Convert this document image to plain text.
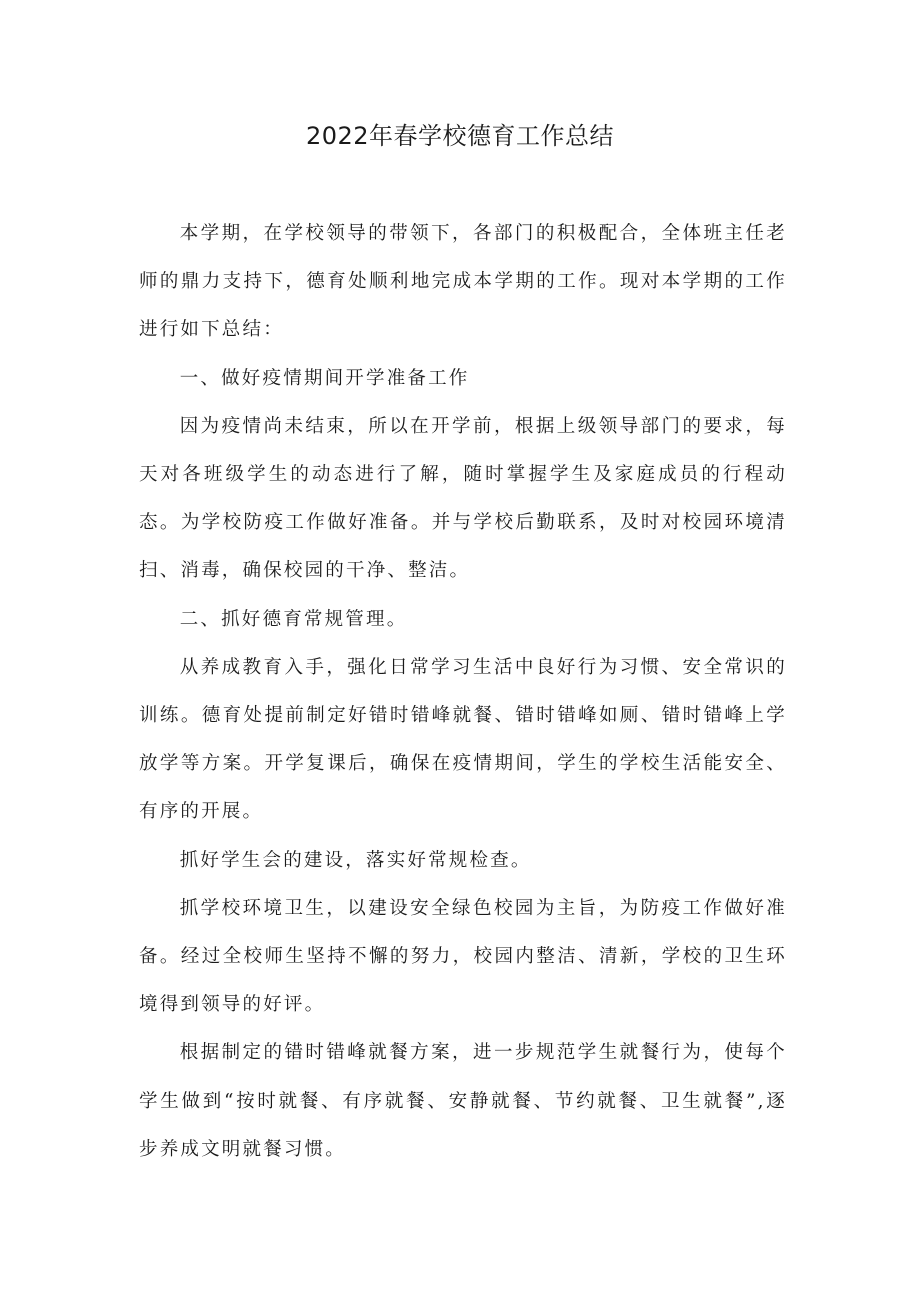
2022年春学校德育工作总结

本学期，在学校领导的带领下，各部门的积极配合，全体班主任老师的鼎力支持下，德育处顺利地完成本学期的工作。现对本学期的工作进行如下总结：

一、做好疫情期间开学准备工作

因为疫情尚未结束，所以在开学前，根据上级领导部门的要求，每天对各班级学生的动态进行了解，随时掌握学生及家庭成员的行程动态。为学校防疫工作做好准备。并与学校后勤联系，及时对校园环境清扫、消毒，确保校园的干净、整洁。

二、抓好德育常规管理。

从养成教育入手，强化日常学习生活中良好行为习惯、安全常识的训练。德育处提前制定好错时错峰就餐、错时错峰如厕、错时错峰上学放学等方案。开学复课后，确保在疫情期间，学生的学校生活能安全、有序的开展。

抓好学生会的建设，落实好常规检查。

抓学校环境卫生，以建设安全绿色校园为主旨，为防疫工作做好准备。经过全校师生坚持不懈的努力，校园内整洁、清新，学校的卫生环境得到领导的好评。

根据制定的错时错峰就餐方案，进一步规范学生就餐行为，使每个学生做到“按时就餐、有序就餐、安静就餐、节约就餐、卫生就餐”,逐步养成文明就餐习惯。
